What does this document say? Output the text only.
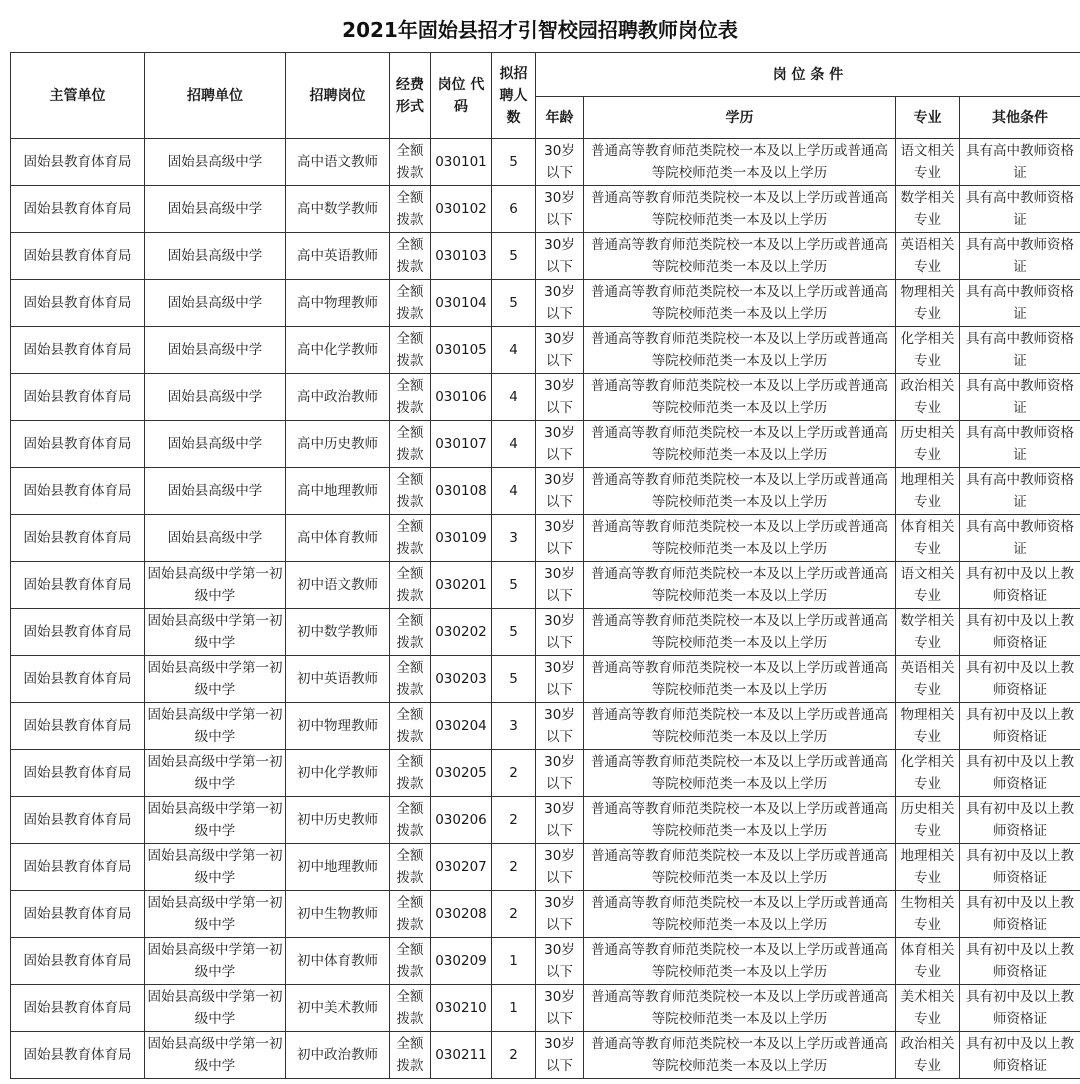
2021年固始县招才引智校园招聘教师岗位表
主管单位	招聘单位	招聘岗位	经费形式	岗位 代码	拟招聘人数	岗 位 条 件			
						年龄	学历	专业	其他条件
固始县教育体育局	固始县高级中学	高中语文教师	全额拨款	030101	5	30岁以下	普通高等教育师范类院校一本及以上学历或普通高等院校师范类一本及以上学历	语文相关专业	具有高中教师资格证
固始县教育体育局	固始县高级中学	高中数学教师	全额拨款	030102	6	30岁以下	普通高等教育师范类院校一本及以上学历或普通高等院校师范类一本及以上学历	数学相关专业	具有高中教师资格证
固始县教育体育局	固始县高级中学	高中英语教师	全额拨款	030103	5	30岁以下	普通高等教育师范类院校一本及以上学历或普通高等院校师范类一本及以上学历	英语相关专业	具有高中教师资格证
固始县教育体育局	固始县高级中学	高中物理教师	全额拨款	030104	5	30岁以下	普通高等教育师范类院校一本及以上学历或普通高等院校师范类一本及以上学历	物理相关专业	具有高中教师资格证
固始县教育体育局	固始县高级中学	高中化学教师	全额拨款	030105	4	30岁以下	普通高等教育师范类院校一本及以上学历或普通高等院校师范类一本及以上学历	化学相关专业	具有高中教师资格证
固始县教育体育局	固始县高级中学	高中政治教师	全额拨款	030106	4	30岁以下	普通高等教育师范类院校一本及以上学历或普通高等院校师范类一本及以上学历	政治相关专业	具有高中教师资格证
固始县教育体育局	固始县高级中学	高中历史教师	全额拨款	030107	4	30岁以下	普通高等教育师范类院校一本及以上学历或普通高等院校师范类一本及以上学历	历史相关专业	具有高中教师资格证
固始县教育体育局	固始县高级中学	高中地理教师	全额拨款	030108	4	30岁以下	普通高等教育师范类院校一本及以上学历或普通高等院校师范类一本及以上学历	地理相关专业	具有高中教师资格证
固始县教育体育局	固始县高级中学	高中体育教师	全额拨款	030109	3	30岁以下	普通高等教育师范类院校一本及以上学历或普通高等院校师范类一本及以上学历	体育相关专业	具有高中教师资格证
固始县教育体育局	固始县高级中学第一初级中学	初中语文教师	全额拨款	030201	5	30岁以下	普通高等教育师范类院校一本及以上学历或普通高等院校师范类一本及以上学历	语文相关专业	具有初中及以上教师资格证
固始县教育体育局	固始县高级中学第一初级中学	初中数学教师	全额拨款	030202	5	30岁以下	普通高等教育师范类院校一本及以上学历或普通高等院校师范类一本及以上学历	数学相关专业	具有初中及以上教师资格证
固始县教育体育局	固始县高级中学第一初级中学	初中英语教师	全额拨款	030203	5	30岁以下	普通高等教育师范类院校一本及以上学历或普通高等院校师范类一本及以上学历	英语相关专业	具有初中及以上教师资格证
固始县教育体育局	固始县高级中学第一初级中学	初中物理教师	全额拨款	030204	3	30岁以下	普通高等教育师范类院校一本及以上学历或普通高等院校师范类一本及以上学历	物理相关专业	具有初中及以上教师资格证
固始县教育体育局	固始县高级中学第一初级中学	初中化学教师	全额拨款	030205	2	30岁以下	普通高等教育师范类院校一本及以上学历或普通高等院校师范类一本及以上学历	化学相关专业	具有初中及以上教师资格证
固始县教育体育局	固始县高级中学第一初级中学	初中历史教师	全额拨款	030206	2	30岁以下	普通高等教育师范类院校一本及以上学历或普通高等院校师范类一本及以上学历	历史相关专业	具有初中及以上教师资格证
固始县教育体育局	固始县高级中学第一初级中学	初中地理教师	全额拨款	030207	2	30岁以下	普通高等教育师范类院校一本及以上学历或普通高等院校师范类一本及以上学历	地理相关专业	具有初中及以上教师资格证
固始县教育体育局	固始县高级中学第一初级中学	初中生物教师	全额拨款	030208	2	30岁以下	普通高等教育师范类院校一本及以上学历或普通高等院校师范类一本及以上学历	生物相关专业	具有初中及以上教师资格证
固始县教育体育局	固始县高级中学第一初级中学	初中体育教师	全额拨款	030209	1	30岁以下	普通高等教育师范类院校一本及以上学历或普通高等院校师范类一本及以上学历	体育相关专业	具有初中及以上教师资格证
固始县教育体育局	固始县高级中学第一初级中学	初中美术教师	全额拨款	030210	1	30岁以下	普通高等教育师范类院校一本及以上学历或普通高等院校师范类一本及以上学历	美术相关专业	具有初中及以上教师资格证
固始县教育体育局	固始县高级中学第一初级中学	初中政治教师	全额拨款	030211	2	30岁以下	普通高等教育师范类院校一本及以上学历或普通高等院校师范类一本及以上学历	政治相关专业	具有初中及以上教师资格证
